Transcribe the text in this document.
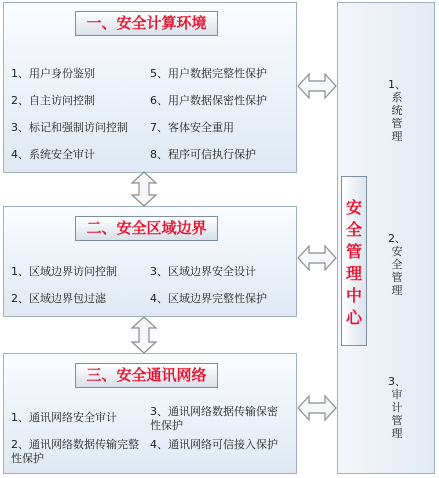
一、安全计算环境
1、用户身份鉴别
2、自主访问控制
3、标记和强制访问控制
4、系统安全审计
5、用户数据完整性保护
6、用户数据保密性保护
7、客体安全重用
8、程序可信执行保护
二、安全区域边界
1、区域边界访问控制
2、区域边界包过滤
3、区域边界安全设计
4、区域边界完整性保护
三、安全通讯网络
1、通讯网络安全审计
2、通讯网络数据传输完整性保护
3、通讯网络数据传输保密性保护
4、通讯网络可信接入保护
安全管理中心
1、系统管理
2、安全管理
3、审计管理
